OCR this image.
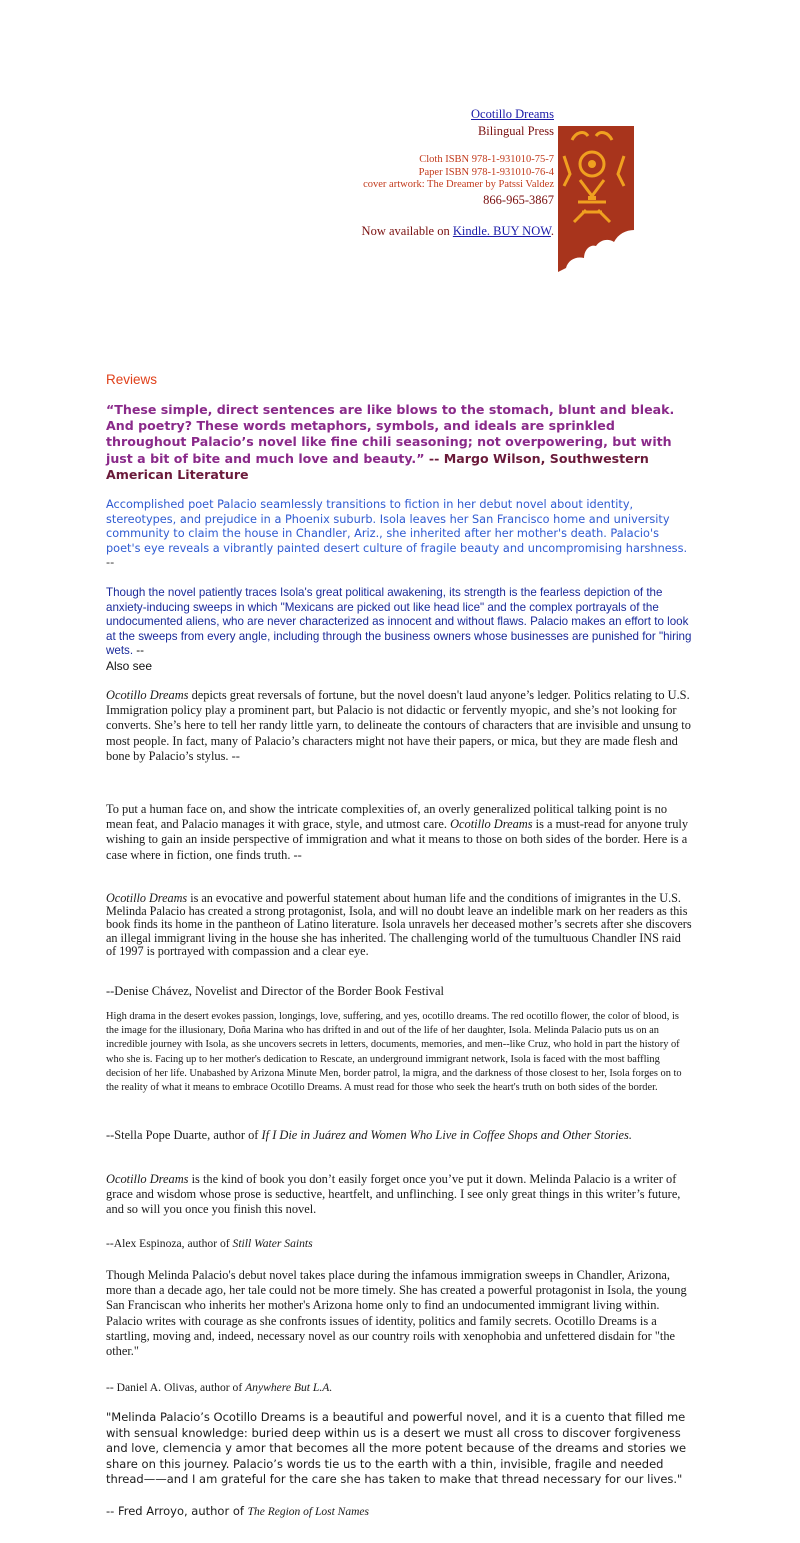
Ocotillo Dreams
Bilingual Press
Cloth ISBN 978-1-931010-75-7
Paper ISBN 978-1-931010-76-4
cover artwork: The Dreamer by Patssi Valdez
866-965-3867
Now available on Kindle. BUY NOW.
Reviews
“These simple, direct sentences are like blows to the stomach, blunt and bleak. And poetry? These words metaphors, symbols, and ideals are sprinkled throughout Palacio’s novel like fine chili seasoning; not overpowering, but with just a bit of bite and much love and beauty.” -- Margo Wilson, Southwestern American Literature
Accomplished poet Palacio seamlessly transitions to fiction in her debut novel about identity, stereotypes, and prejudice in a Phoenix suburb. Isola leaves her San Francisco home and university community to claim the house in Chandler, Ariz., she inherited after her mother's death. Palacio's poet's eye reveals a vibrantly painted desert culture of fragile beauty and uncompromising harshness. --
Though the novel patiently traces Isola's great political awakening, its strength is the fearless depiction of the anxiety-inducing sweeps in which "Mexicans are picked out like head lice" and the complex portrayals of the undocumented aliens, who are never characterized as innocent and without flaws. Palacio makes an effort to look at the sweeps from every angle, including through the business owners whose businesses are punished for "hiring wets. --
Also see
Ocotillo Dreams depicts great reversals of fortune, but the novel doesn't laud anyone’s ledger. Politics relating to U.S. Immigration policy play a prominent part, but Palacio is not didactic or fervently myopic, and she’s not looking for converts. She’s here to tell her randy little yarn, to delineate the contours of characters that are invisible and unsung to most people. In fact, many of Palacio’s characters might not have their papers, or mica, but they are made flesh and bone by Palacio’s stylus. --
To put a human face on, and show the intricate complexities of, an overly generalized political talking point is no mean feat, and Palacio manages it with grace, style, and utmost care. Ocotillo Dreams is a must-read for anyone truly wishing to gain an inside perspective of immigration and what it means to those on both sides of the border. Here is a case where in fiction, one finds truth. --
Ocotillo Dreams is an evocative and powerful statement about human life and the conditions of imigrantes in the U.S. Melinda Palacio has created a strong protagonist, Isola, and will no doubt leave an indelible mark on her readers as this book finds its home in the pantheon of Latino literature. Isola unravels her deceased mother’s secrets after she discovers an illegal immigrant living in the house she has inherited. The challenging world of the tumultuous Chandler INS raid of 1997 is portrayed with compassion and a clear eye.
--Denise Chávez, Novelist and Director of the Border Book Festival
High drama in the desert evokes passion, longings, love, suffering, and yes, ocotillo dreams. The red ocotillo flower, the color of blood, is the image for the illusionary, Doña Marina who has drifted in and out of the life of her daughter, Isola. Melinda Palacio puts us on an incredible journey with Isola, as she uncovers secrets in letters, documents, memories, and men--like Cruz, who hold in part the history of who she is. Facing up to her mother's dedication to Rescate, an underground immigrant network, Isola is faced with the most baffling decision of her life. Unabashed by Arizona Minute Men, border patrol, la migra, and the darkness of those closest to her, Isola forges on to the reality of what it means to embrace Ocotillo Dreams. A must read for those who seek the heart's truth on both sides of the border.
--Stella Pope Duarte, author of If I Die in Juárez and Women Who Live in Coffee Shops and Other Stories.
Ocotillo Dreams is the kind of book you don’t easily forget once you’ve put it down. Melinda Palacio is a writer of grace and wisdom whose prose is seductive, heartfelt, and unflinching. I see only great things in this writer’s future, and so will you once you finish this novel.
--Alex Espinoza, author of Still Water Saints
Though Melinda Palacio's debut novel takes place during the infamous immigration sweeps in Chandler, Arizona, more than a decade ago, her tale could not be more timely. She has created a powerful protagonist in Isola, the young San Franciscan who inherits her mother's Arizona home only to find an undocumented immigrant living within. Palacio writes with courage as she confronts issues of identity, politics and family secrets. Ocotillo Dreams is a startling, moving and, indeed, necessary novel as our country roils with xenophobia and unfettered disdain for "the other."
-- Daniel A. Olivas, author of Anywhere But L.A.
"Melinda Palacio’s Ocotillo Dreams is a beautiful and powerful novel, and it is a cuento that filled me with sensual knowledge: buried deep within us is a desert we must all cross to discover forgiveness and love, clemencia y amor that becomes all the more potent because of the dreams and stories we share on this journey. Palacio’s words tie us to the earth with a thin, invisible, fragile and needed thread——and I am grateful for the care she has taken to make that thread necessary for our lives."
-- Fred Arroyo, author of The Region of Lost Names
